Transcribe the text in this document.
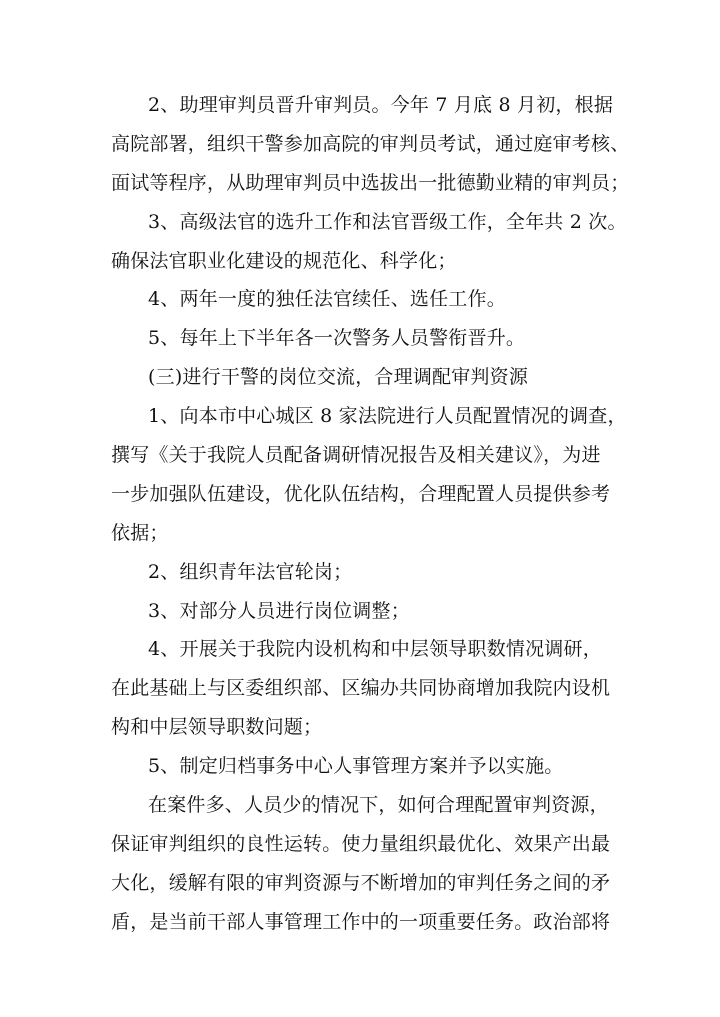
2、助理审判员晋升审判员。今年 7 月底 8 月初，根据
高院部署，组织干警参加高院的审判员考试，通过庭审考核、
面试等程序，从助理审判员中选拔出一批德勤业精的审判员；
3、高级法官的选升工作和法官晋级工作，全年共 2 次。
确保法官职业化建设的规范化、科学化；
4、两年一度的独任法官续任、选任工作。
5、每年上下半年各一次警务人员警衔晋升。
(三)进行干警的岗位交流，合理调配审判资源
1、向本市中心城区 8 家法院进行人员配置情况的调查，
撰写《关于我院人员配备调研情况报告及相关建议》，为进
一步加强队伍建设，优化队伍结构，合理配置人员提供参考
依据；
2、组织青年法官轮岗；
3、对部分人员进行岗位调整；
4、开展关于我院内设机构和中层领导职数情况调研，
在此基础上与区委组织部、区编办共同协商增加我院内设机
构和中层领导职数问题；
5、制定归档事务中心人事管理方案并予以实施。
在案件多、人员少的情况下，如何合理配置审判资源，
保证审判组织的良性运转。使力量组织最优化、效果产出最
大化，缓解有限的审判资源与不断增加的审判任务之间的矛
盾，是当前干部人事管理工作中的一项重要任务。政治部将
